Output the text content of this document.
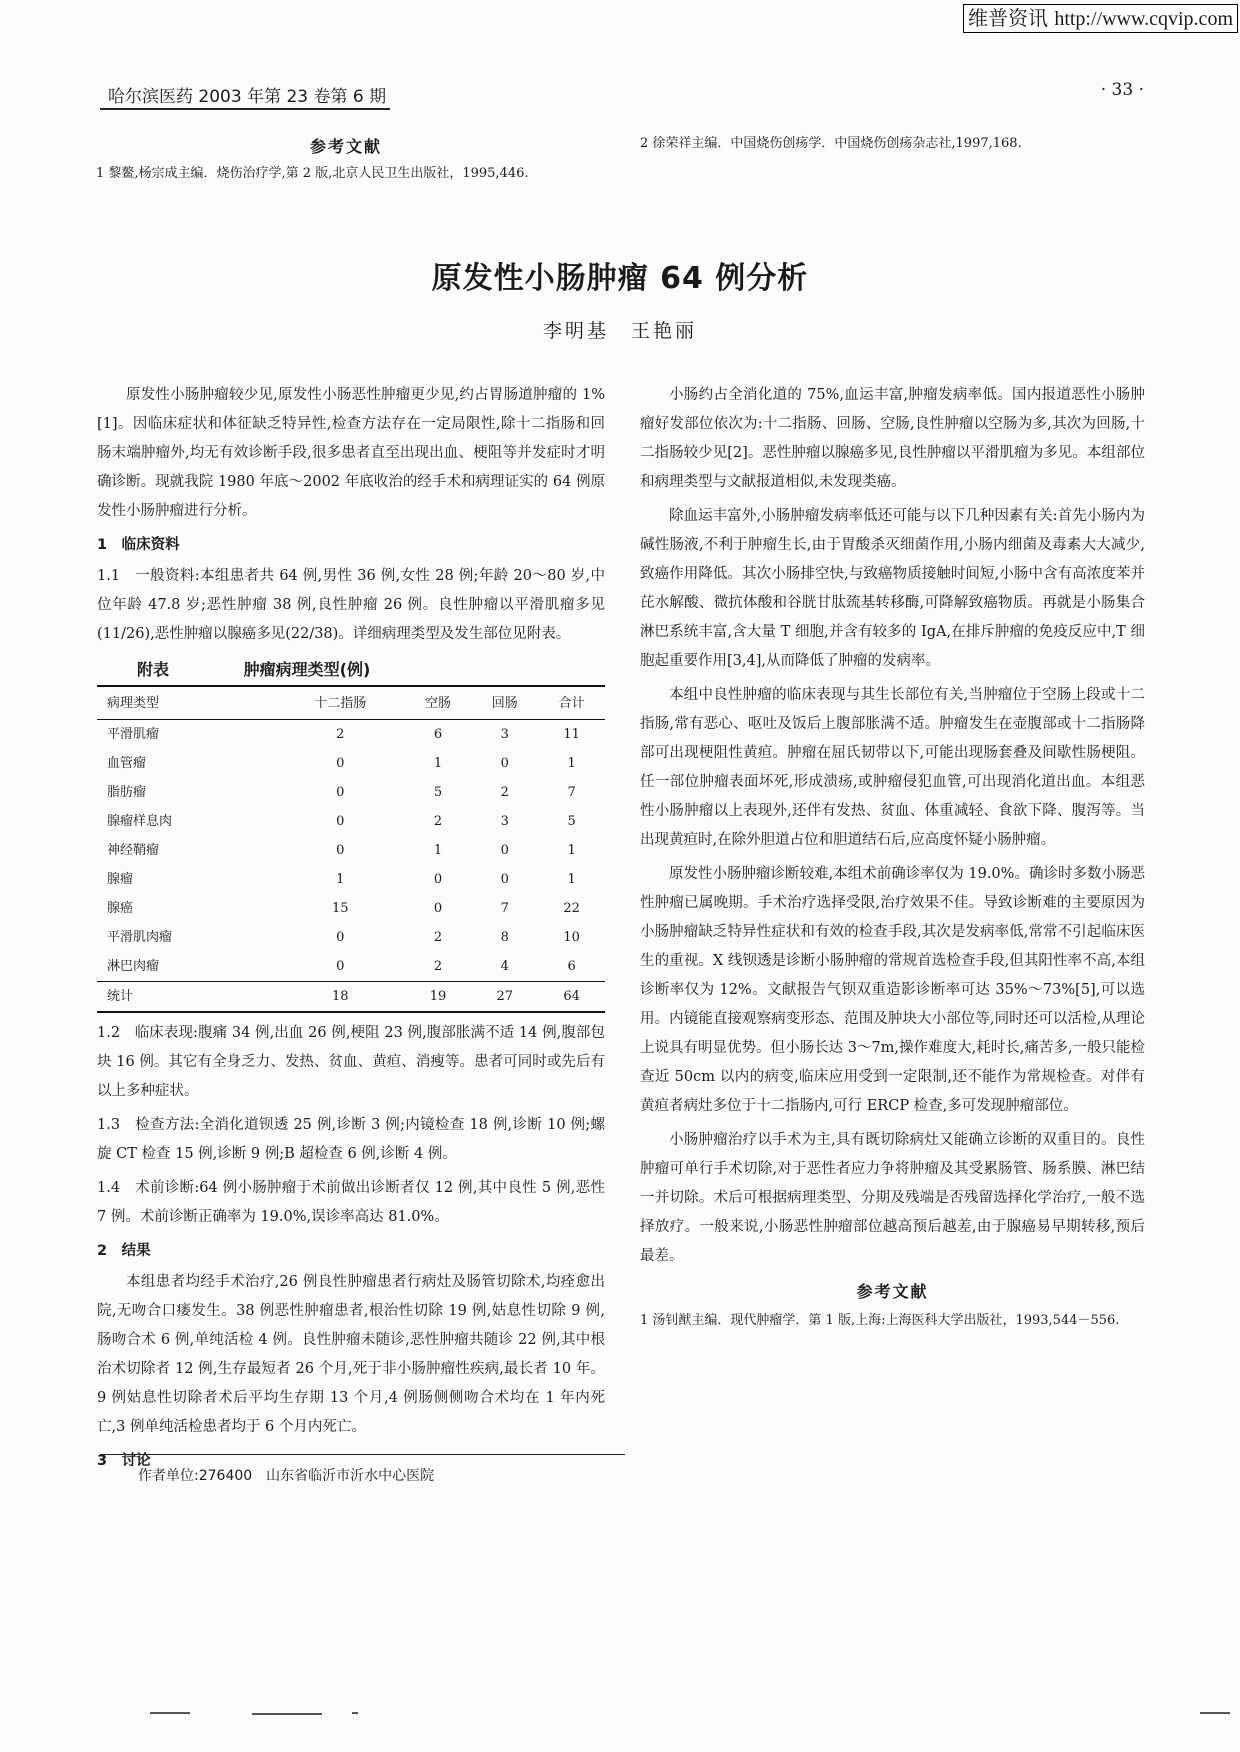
维普资讯 http://www.cqvip.com
哈尔滨医药 2003 年第 23 卷第 6 期	· 33 ·
参考文献
1 黎鳌,杨宗成主编．烧伤治疗学,第 2 版,北京人民卫生出版社，1995,446.
2 徐荣祥主编．中国烧伤创疡学．中国烧伤创疡杂志社,1997,168.
原发性小肠肿瘤 64 例分析
李明基　王艳丽

原发性小肠肿瘤较少见,原发性小肠恶性肿瘤更少见,约占胃肠道肿瘤的 1%[1]。因临床症状和体征缺乏特异性,检查方法存在一定局限性,除十二指肠和回肠末端肿瘤外,均无有效诊断手段,很多患者直至出现出血、梗阻等并发症时才明确诊断。现就我院 1980 年底～2002 年底收治的经手术和病理证实的 64 例原发性小肠肿瘤进行分析。

1　临床资料

1.1　一般资料:本组患者共 64 例,男性 36 例,女性 28 例;年龄 20～80 岁,中位年龄 47.8 岁;恶性肿瘤 38 例,良性肿瘤 26 例。良性肿瘤以平滑肌瘤多见(11/26),恶性肿瘤以腺癌多见(22/38)。详细病理类型及发生部位见附表。

附表	肿瘤病理类型(例)
病理类型	十二指肠	空肠	回肠	合计
平滑肌瘤	2	6	3	11
血管瘤	0	1	0	1
脂肪瘤	0	5	2	7
腺瘤样息肉	0	2	3	5
神经鞘瘤	0	1	0	1
腺瘤	1	0	0	1
腺癌	15	0	7	22
平滑肌肉瘤	0	2	8	10
淋巴肉瘤	0	2	4	6
统计	18	19	27	64

1.2　临床表现:腹痛 34 例,出血 26 例,梗阻 23 例,腹部胀满不适 14 例,腹部包块 16 例。其它有全身乏力、发热、贫血、黄疸、消瘦等。患者可同时或先后有以上多种症状。

1.3　检查方法:全消化道钡透 25 例,诊断 3 例;内镜检查 18 例,诊断 10 例;螺旋 CT 检查 15 例,诊断 9 例;B 超检查 6 例,诊断 4 例。

1.4　术前诊断:64 例小肠肿瘤于术前做出诊断者仅 12 例,其中良性 5 例,恶性 7 例。术前诊断正确率为 19.0%,误诊率高达 81.0%。

2　结果

本组患者均经手术治疗,26 例良性肿瘤患者行病灶及肠管切除术,均痊愈出院,无吻合口瘘发生。38 例恶性肿瘤患者,根治性切除 19 例,姑息性切除 9 例,肠吻合术 6 例,单纯活检 4 例。良性肿瘤未随诊,恶性肿瘤共随诊 22 例,其中根治术切除者 12 例,生存最短者 26 个月,死于非小肠肿瘤性疾病,最长者 10 年。9 例姑息性切除者术后平均生存期 13 个月,4 例肠侧侧吻合术均在 1 年内死亡,3 例单纯活检患者均于 6 个月内死亡。

3　讨论

作者单位:276400　山东省临沂市沂水中心医院

小肠约占全消化道的 75%,血运丰富,肿瘤发病率低。国内报道恶性小肠肿瘤好发部位依次为:十二指肠、回肠、空肠,良性肿瘤以空肠为多,其次为回肠,十二指肠较少见[2]。恶性肿瘤以腺癌多见,良性肿瘤以平滑肌瘤为多见。本组部位和病理类型与文献报道相似,未发现类癌。

除血运丰富外,小肠肿瘤发病率低还可能与以下几种因素有关:首先小肠内为碱性肠液,不利于肿瘤生长,由于胃酸杀灭细菌作用,小肠内细菌及毒素大大减少,致癌作用降低。其次小肠排空快,与致癌物质接触时间短,小肠中含有高浓度苯并芘水解酸、微抗体酸和谷胱甘肽巯基转移酶,可降解致癌物质。再就是小肠集合淋巴系统丰富,含大量 T 细胞,并含有较多的 IgA,在排斥肿瘤的免疫反应中,T 细胞起重要作用[3,4],从而降低了肿瘤的发病率。

本组中良性肿瘤的临床表现与其生长部位有关,当肿瘤位于空肠上段或十二指肠,常有恶心、呕吐及饭后上腹部胀满不适。肿瘤发生在壶腹部或十二指肠降部可出现梗阻性黄疸。肿瘤在屈氏韧带以下,可能出现肠套叠及间歇性肠梗阻。任一部位肿瘤表面坏死,形成溃疡,或肿瘤侵犯血管,可出现消化道出血。本组恶性小肠肿瘤以上表现外,还伴有发热、贫血、体重减轻、食欲下降、腹泻等。当出现黄疸时,在除外胆道占位和胆道结石后,应高度怀疑小肠肿瘤。

原发性小肠肿瘤诊断较难,本组术前确诊率仅为 19.0%。确诊时多数小肠恶性肿瘤已属晚期。手术治疗选择受限,治疗效果不佳。导致诊断难的主要原因为小肠肿瘤缺乏特异性症状和有效的检查手段,其次是发病率低,常常不引起临床医生的重视。X 线钡透是诊断小肠肿瘤的常规首选检查手段,但其阳性率不高,本组诊断率仅为 12%。文献报告气钡双重造影诊断率可达 35%～73%[5],可以选用。内镜能直接观察病变形态、范围及肿块大小部位等,同时还可以活检,从理论上说具有明显优势。但小肠长达 3～7m,操作难度大,耗时长,痛苦多,一般只能检查近 50cm 以内的病变,临床应用受到一定限制,还不能作为常规检查。对伴有黄疸者病灶多位于十二指肠内,可行 ERCP 检查,多可发现肿瘤部位。

小肠肿瘤治疗以手术为主,具有既切除病灶又能确立诊断的双重目的。良性肿瘤可单行手术切除,对于恶性者应力争将肿瘤及其受累肠管、肠系膜、淋巴结一并切除。术后可根据病理类型、分期及残端是否残留选择化学治疗,一般不选择放疗。一般来说,小肠恶性肿瘤部位越高预后越差,由于腺癌易早期转移,预后最差。

参考文献
1 汤钊猷主编．现代肿瘤学．第 1 版,上海:上海医科大学出版社，1993,544－556.
